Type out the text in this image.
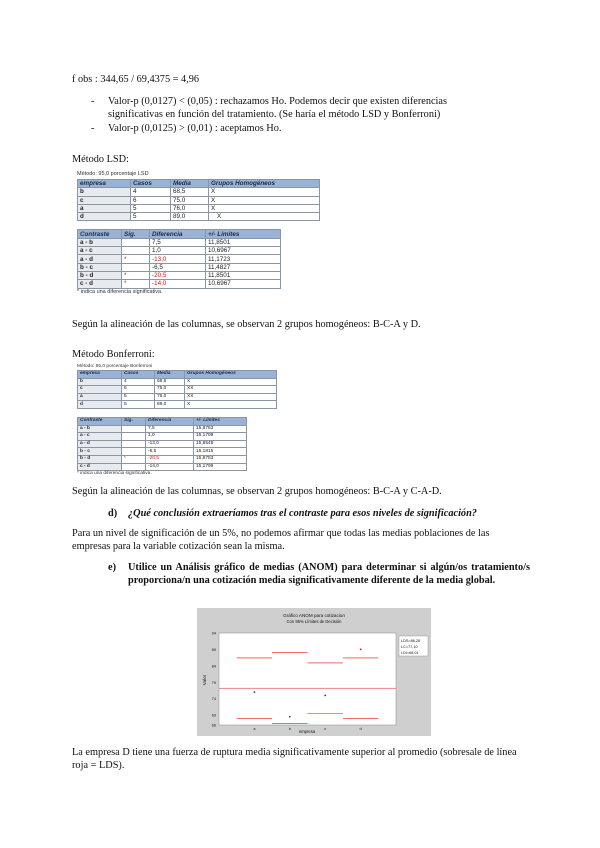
f obs : 344,65 / 69,4375 = 4,96
- Valor-p (0,0127) < (0,05) : rechazamos Ho. Podemos decir que existen diferencias
significativas en función del tratamiento. (Se haría el método LSD y Bonferroni)
- Valor-p (0,0125) > (0,01) : aceptamos Ho.
Método LSD:
Método: 95,0 porcentaje LSD
empresa	Casos	Media	Grupos Homogéneos
b	4	68,5	X
c	6	75,0	X
a	5	76,0	X
d	5	89,0	X
Contraste	Sig.	Diferencia	+/- Límites
a - b		7,5	11,8501
a - c		1,0	10,6967
a - d	*	-13,0	11,1723
b - c		-6,5	11,4827
b - d	*	-20,5	11,8501
c - d	*	-14,0	10,6967
* indica una diferencia significativa.
Según la alineación de las columnas, se observan 2 grupos homogéneos: B-C-A y D.
Método Bonferroni:
Método: 95,0 porcentaje Bonferroni
empresa	Casos	Media	Grupos Homogéneos
b	4	68,5	X
c	6	75,0	XX
a	5	76,0	XX
d	5	89,0	X
Contraste	Sig.	Diferencia	+/- Límites
a - b		7,5	15,8753
a - c		1,0	15,1799
a - d		-13,0	15,8549
b - c		-6,5	15,1815
b - d	*	-20,5	15,8753
c - d		-14,0	15,1799
* indica una diferencia significativa.
Según la alineación de las columnas, se observan 2 grupos homogéneos: B-C-A y C-A-D.
d) ¿Qué conclusión extraeríamos tras el contraste para esos niveles de significación?
Para un nivel de significación de un 5%, no podemos afirmar que todas las medias poblaciones de las empresas para la variable cotización sean la misma.
e) Utilice un Análisis gráfico de medias (ANOM) para determinar si algún/os tratamiento/s proporciona/n una cotización media significativamente diferente de la media global.
Gráfico ANOM para cotizacion
Con 95% Límites de Decisión
Valor
empresa
94
89
84
79
74
69
66
a	b	c	d
LDS=86,28
LC=77,10
LDI=68,01
La empresa D tiene una fuerza de ruptura media significativamente superior al promedio (sobresale de línea roja = LDS).
